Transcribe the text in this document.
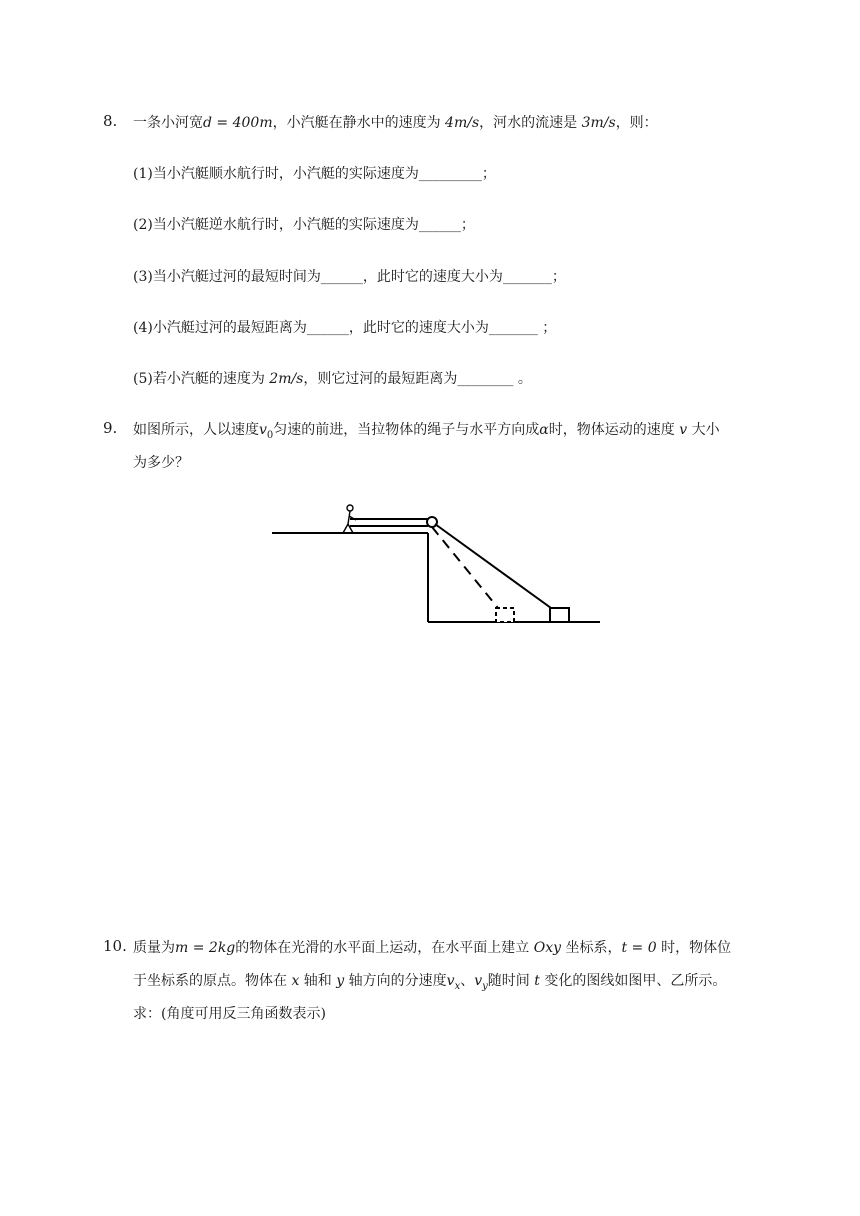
8. 一条小河宽d = 400m，小汽艇在静水中的速度为 4m/s，河水的流速是 3m/s，则：
(1)当小汽艇顺水航行时，小汽艇的实际速度为_________；
(2)当小汽艇逆水航行时，小汽艇的实际速度为______；
(3)当小汽艇过河的最短时间为______，此时它的速度大小为_______；
(4)小汽艇过河的最短距离为______，此时它的速度大小为_______ ；
(5)若小汽艇的速度为 2m/s，则它过河的最短距离为________ 。
9. 如图所示，人以速度$v_0$匀速的前进，当拉物体的绳子与水平方向成α时，物体运动的速度 v 大小
为多少？
10. 质量为m = 2kg的物体在光滑的水平面上运动，在水平面上建立 Oxy 坐标系，t = 0 时，物体位
于坐标系的原点。物体在 x 轴和 y 轴方向的分速度$v_x$、$v_y$随时间 t 变化的图线如图甲、乙所示。
求：(角度可用反三角函数表示)
